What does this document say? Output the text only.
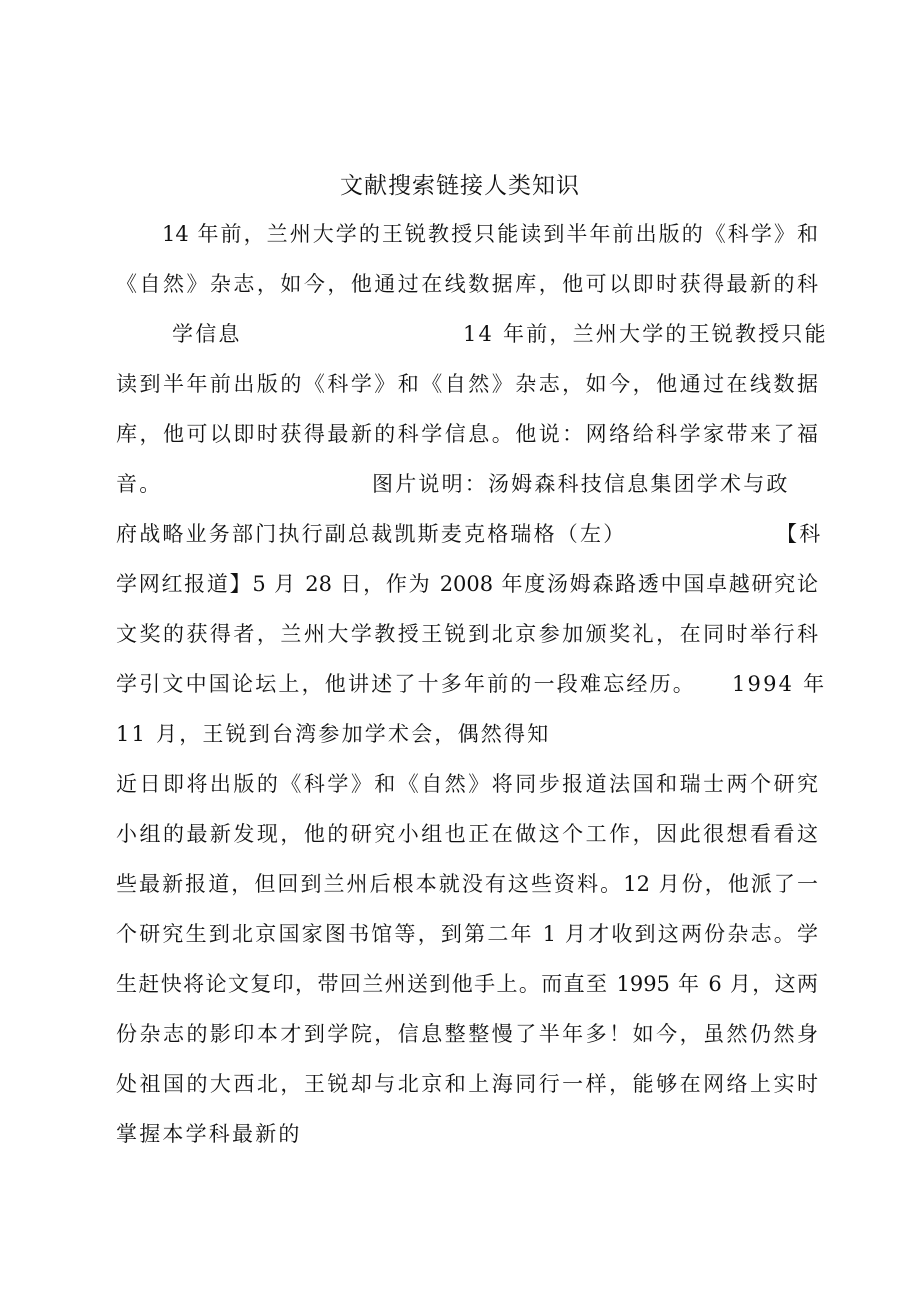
文献搜索链接人类知识
14 年前，兰州大学的王锐教授只能读到半年前出版的《科学》和
《自然》杂志，如今，他通过在线数据库，他可以即时获得最新的科
学信息	14 年前，兰州大学的王锐教授只能
读到半年前出版的《科学》和《自然》杂志，如今，他通过在线数据
库，他可以即时获得最新的科学信息。他说：网络给科学家带来了福
音。	图片说明：汤姆森科技信息集团学术与政
府战略业务部门执行副总裁凯斯麦克格瑞格（左）	【科
学网红报道】5 月 28 日，作为 2008 年度汤姆森路透中国卓越研究论
文奖的获得者，兰州大学教授王锐到北京参加颁奖礼，在同时举行科
学引文中国论坛上，他讲述了十多年前的一段难忘经历。 1994 年
11 月，王锐到台湾参加学术会，偶然得知
近日即将出版的《科学》和《自然》将同步报道法国和瑞士两个研究
小组的最新发现，他的研究小组也正在做这个工作，因此很想看看这
些最新报道，但回到兰州后根本就没有这些资料。12 月份，他派了一
个研究生到北京国家图书馆等，到第二年 1 月才收到这两份杂志。学
生赶快将论文复印，带回兰州送到他手上。而直至 1995 年 6 月，这两
份杂志的影印本才到学院，信息整整慢了半年多！如今，虽然仍然身
处祖国的大西北，王锐却与北京和上海同行一样，能够在网络上实时
掌握本学科最新的
